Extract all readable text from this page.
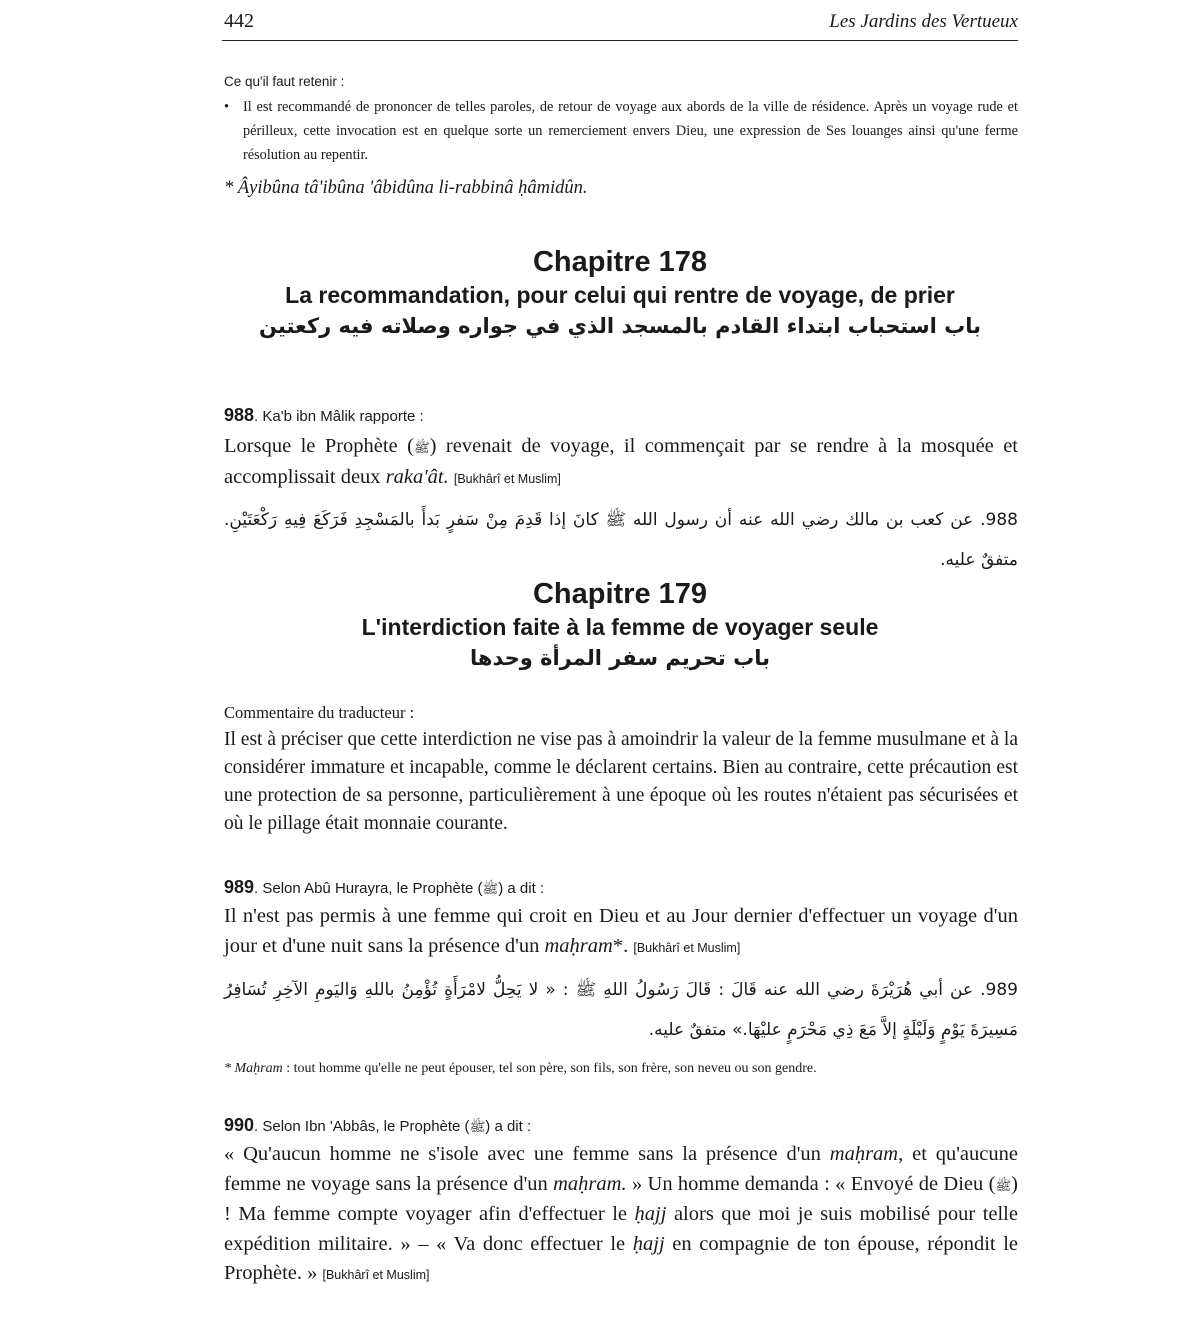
442	Les Jardins des Vertueux
Ce qu'il faut retenir :
• Il est recommandé de prononcer de telles paroles, de retour de voyage aux abords de la ville de résidence. Après un voyage rude et périlleux, cette invocation est en quelque sorte un remerciement envers Dieu, une expression de Ses louanges ainsi qu'une ferme résolution au repentir.
* Âyibûna tâ'ibûna 'âbidûna li-rabbinâ ḥâmidûn.
Chapitre 178
La recommandation, pour celui qui rentre de voyage, de prier
باب استحباب ابتداء القادم بالمسجد الذي في جواره وصلاته فيه ركعتين
988. Ka'b ibn Mâlik rapporte :
Lorsque le Prophète (ﷺ) revenait de voyage, il commençait par se rendre à la mosquée et accomplissait deux raka'ât. [Bukhârî et Muslim]
988. عن كعب بن مالك رضي الله عنه أن رسول الله ﷺ كانَ إذا قَدِمَ مِنْ سَفرٍ بَدأَ بالمَسْجِدِ فَرَكَعَ فِيهِ رَكْعَتَيْنِ. متفقٌ عليه.
Chapitre 179
L'interdiction faite à la femme de voyager seule
باب تحريم سفر المرأة وحدها
Commentaire du traducteur :
Il est à préciser que cette interdiction ne vise pas à amoindrir la valeur de la femme musulmane et à la considérer immature et incapable, comme le déclarent certains. Bien au contraire, cette précaution est une protection de sa personne, particulièrement à une époque où les routes n'étaient pas sécurisées et où le pillage était monnaie courante.
989. Selon Abû Hurayra, le Prophète (ﷺ) a dit :
Il n'est pas permis à une femme qui croit en Dieu et au Jour dernier d'effectuer un voyage d'un jour et d'une nuit sans la présence d'un maḥram*. [Bukhârî et Muslim]
989. عن أبي هُرَيْرَةَ رضي الله عنه قَالَ : قَالَ رَسُولُ اللهِ ﷺ : « لا يَحِلُّ لامْرَأَةٍ تُؤْمِنُ باللهِ وَاليَومِ الآخِرِ تُسَافِرُ مَسِيرَةَ يَوْمٍ وَلَيْلَةٍ إلاَّ مَعَ ذِي مَحْرَمٍ عليْهَا.» متفقٌ عليه.
* Maḥram : tout homme qu'elle ne peut épouser, tel son père, son fils, son frère, son neveu ou son gendre.
990. Selon Ibn 'Abbâs, le Prophète (ﷺ) a dit :
« Qu'aucun homme ne s'isole avec une femme sans la présence d'un maḥram, et qu'aucune femme ne voyage sans la présence d'un maḥram. » Un homme demanda : « Envoyé de Dieu (ﷺ) ! Ma femme compte voyager afin d'effectuer le ḥajj alors que moi je suis mobilisé pour telle expédition militaire. » – « Va donc effectuer le ḥajj en compagnie de ton épouse, répondit le Prophète. » [Bukhârî et Muslim]
